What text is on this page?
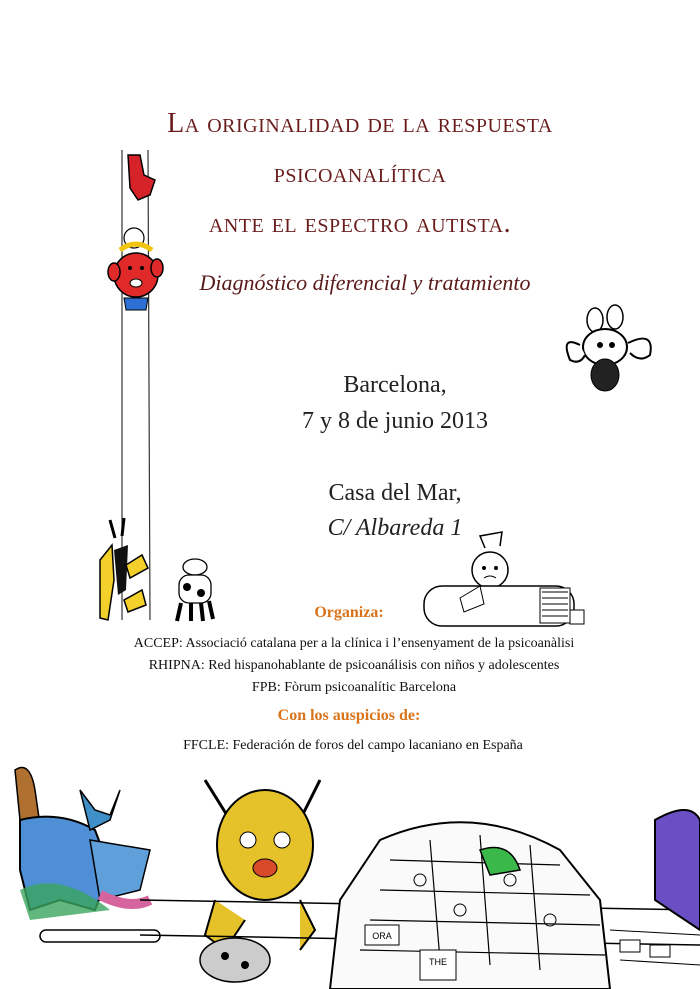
La originalidad de la respuesta
psicoanalítica
ante el espectro autista.
Diagnóstico diferencial y tratamiento
Barcelona,
7 y 8 de junio 2013
Casa del Mar,
C/ Albareda 1
Organiza:
ACCEP: Associació catalana per a la clínica i l’ensenyament de la psicoanàlisi
RHIPNA: Red hispanohablante de psicoanálisis con niños y adolescentes
FPB: Fòrum psicoanalític Barcelona
Con los auspicios de:
FFCLE: Federación de foros del campo lacaniano en España
ORA
THE
